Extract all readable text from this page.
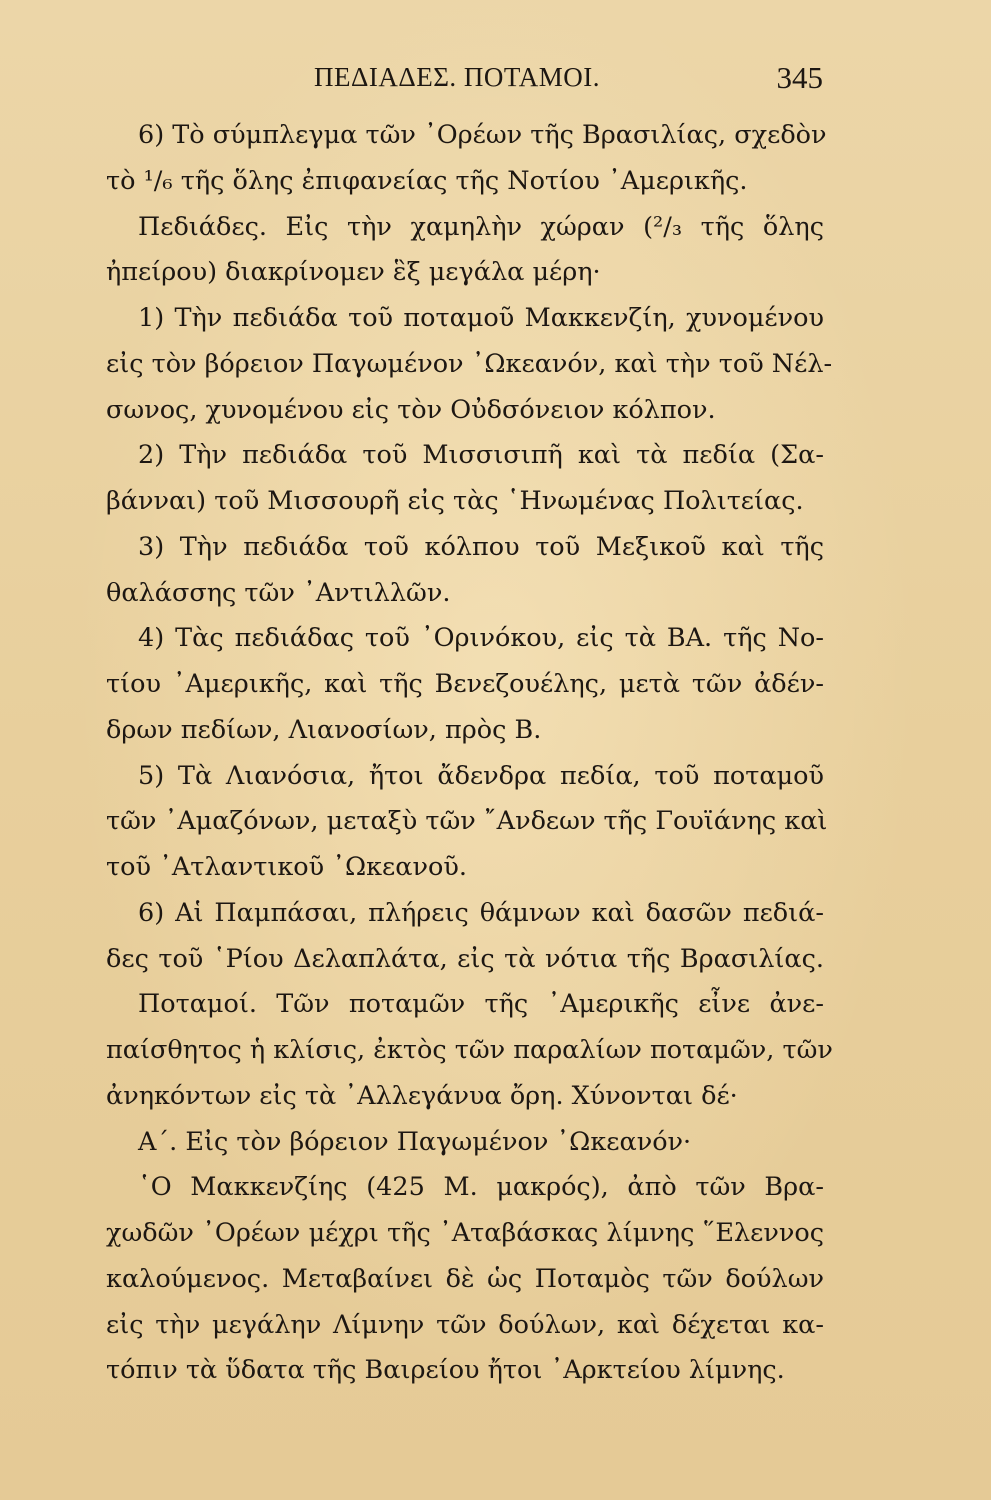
ΠΕΔΙΑΔΕΣ. ΠΟΤΑΜΟΙ.	345
6) Τὸ σύμπλεγμα τῶν ᾿Ορέων τῆς Βρασιλίας, σχεδὸν
τὸ ¹/₆ τῆς ὅλης ἐπιφανείας τῆς Νοτίου ᾿Αμερικῆς.
Πεδιάδες. Εἰς τὴν χαμηλὴν χώραν (²/₃ τῆς ὅλης
ἠπείρου) διακρίνομεν ἓξ μεγάλα μέρη·
1) Τὴν πεδιάδα τοῦ ποταμοῦ Μακκενζίη, χυνομένου
εἰς τὸν βόρειον Παγωμένον ᾿Ωκεανόν, καὶ τὴν τοῦ Νέλ-
σωνος, χυνομένου εἰς τὸν Οὐδσόνειον κόλπον.
2) Τὴν πεδιάδα τοῦ Μισσισιπῆ καὶ τὰ πεδία (Σα-
βάνναι) τοῦ Μισσουρῆ εἰς τὰς ῾Ηνωμένας Πολιτείας.
3) Τὴν πεδιάδα τοῦ κόλπου τοῦ Μεξικοῦ καὶ τῆς
θαλάσσης τῶν ᾿Αντιλλῶν.
4) Τὰς πεδιάδας τοῦ ᾿Ορινόκου, εἰς τὰ ΒΑ. τῆς Νο-
τίου ᾿Αμερικῆς, καὶ τῆς Βενεζουέλης, μετὰ τῶν ἀδέν-
δρων πεδίων, Λιανοσίων, πρὸς Β.
5) Τὰ Λιανόσια, ἤτοι ἄδενδρα πεδία, τοῦ ποταμοῦ
τῶν ᾿Αμαζόνων, μεταξὺ τῶν ῎Ανδεων τῆς Γουϊάνης καὶ
τοῦ ᾿Ατλαντικοῦ ᾿Ωκεανοῦ.
6) Αἱ Παμπάσαι, πλήρεις θάμνων καὶ δασῶν πεδιά-
δες τοῦ ῾Ρίου Δελαπλάτα, εἰς τὰ νότια τῆς Βρασιλίας.
Ποταμοί. Τῶν ποταμῶν τῆς ᾿Αμερικῆς εἶνε ἀνε-
παίσθητος ἡ κλίσις, ἐκτὸς τῶν παραλίων ποταμῶν, τῶν
ἀνηκόντων εἰς τὰ ᾿Αλλεγάνυα ὄρη. Χύνονται δέ·
Α΄. Εἰς τὸν βόρειον Παγωμένον ᾿Ωκεανόν·
῾Ο Μακκενζίης (425 Μ. μακρός), ἀπὸ τῶν Βρα-
χωδῶν ᾿Ορέων μέχρι τῆς ᾿Αταβάσκας λίμνης ῞Ελεννος
καλούμενος. Μεταβαίνει δὲ ὡς Ποταμὸς τῶν δούλων
εἰς τὴν μεγάλην Λίμνην τῶν δούλων, καὶ δέχεται κα-
τόπιν τὰ ὕδατα τῆς Βαιρείου ἤτοι ᾿Αρκτείου λίμνης.
